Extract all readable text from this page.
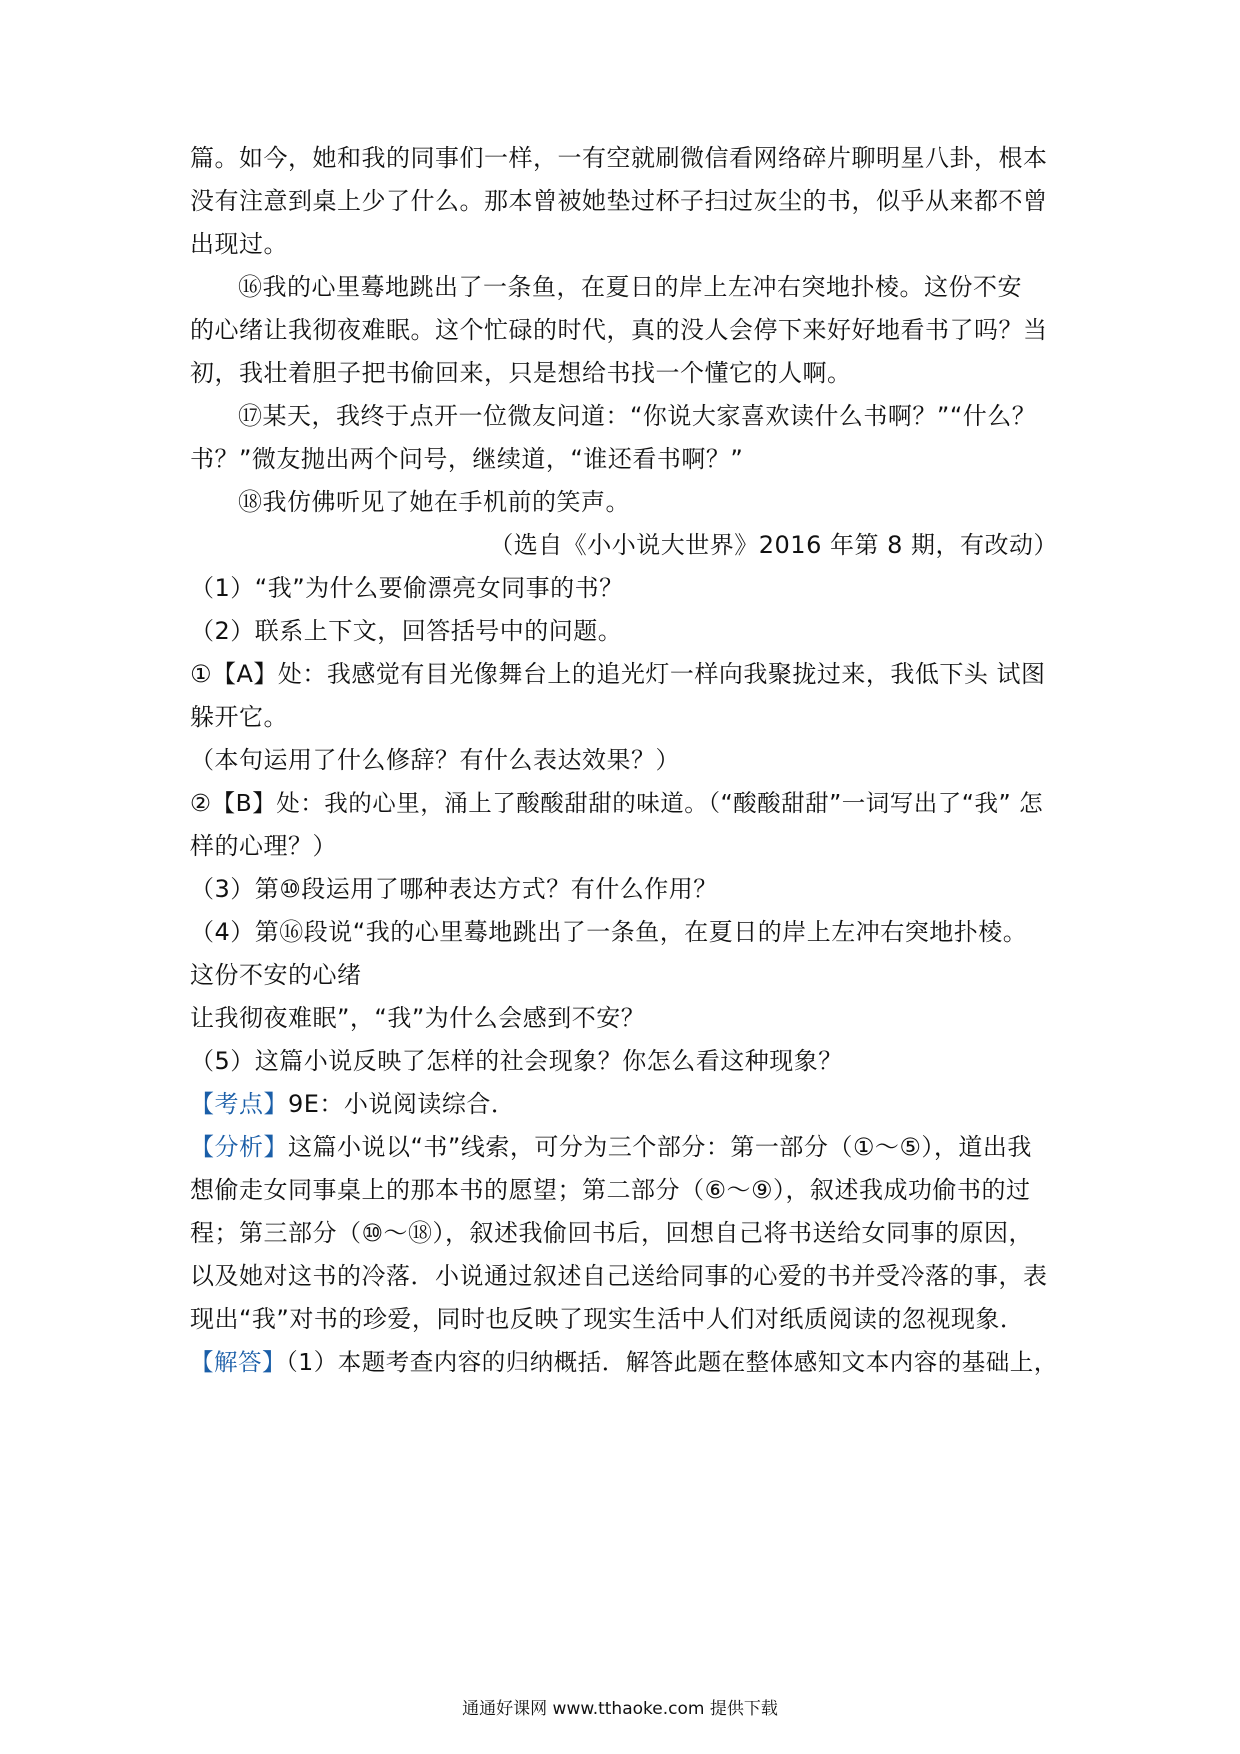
篇。如今，她和我的同事们一样，一有空就刷微信看网络碎片聊明星八卦，根本
没有注意到桌上少了什么。那本曾被她垫过杯子扫过灰尘的书，似乎从来都不曾
出现过。
⑯我的心里蓦地跳出了一条鱼，在夏日的岸上左冲右突地扑棱。这份不安
的心绪让我彻夜难眠。这个忙碌的时代，真的没人会停下来好好地看书了吗？当
初，我壮着胆子把书偷回来，只是想给书找一个懂它的人啊。
⑰某天，我终于点开一位微友问道：“你说大家喜欢读什么书啊？”“什么？
书？”微友抛出两个问号，继续道，“谁还看书啊？”
⑱我仿佛听见了她在手机前的笑声。
（选自《小小说大世界》2016 年第 8 期，有改动）
（1）“我”为什么要偷漂亮女同事的书？
（2）联系上下文，回答括号中的问题。
①【A】处：我感觉有目光像舞台上的追光灯一样向我聚拢过来，我低下头 试图
躲开它。
（本句运用了什么修辞？有什么表达效果？）
②【B】处：我的心里，涌上了酸酸甜甜的味道。（“酸酸甜甜”一词写出了“我” 怎
样的心理？）
（3）第⑩段运用了哪种表达方式？有什么作用？
（4）第⑯段说“我的心里蓦地跳出了一条鱼，在夏日的岸上左冲右突地扑棱。
这份不安的心绪
让我彻夜难眠”，“我”为什么会感到不安？
（5）这篇小说反映了怎样的社会现象？你怎么看这种现象？
【考点】9E：小说阅读综合．
【分析】这篇小说以“书”线索，可分为三个部分：第一部分（①～⑤），道出我
想偷走女同事桌上的那本书的愿望；第二部分（⑥～⑨），叙述我成功偷书的过
程；第三部分（⑩～⑱），叙述我偷回书后，回想自己将书送给女同事的原因，
以及她对这书的冷落．小说通过叙述自己送给同事的心爱的书并受冷落的事，表
现出“我”对书的珍爱，同时也反映了现实生活中人们对纸质阅读的忽视现象．
【解答】（1）本题考查内容的归纳概括．解答此题在整体感知文本内容的基础上，
通通好课网 www.tthaoke.com 提供下载
